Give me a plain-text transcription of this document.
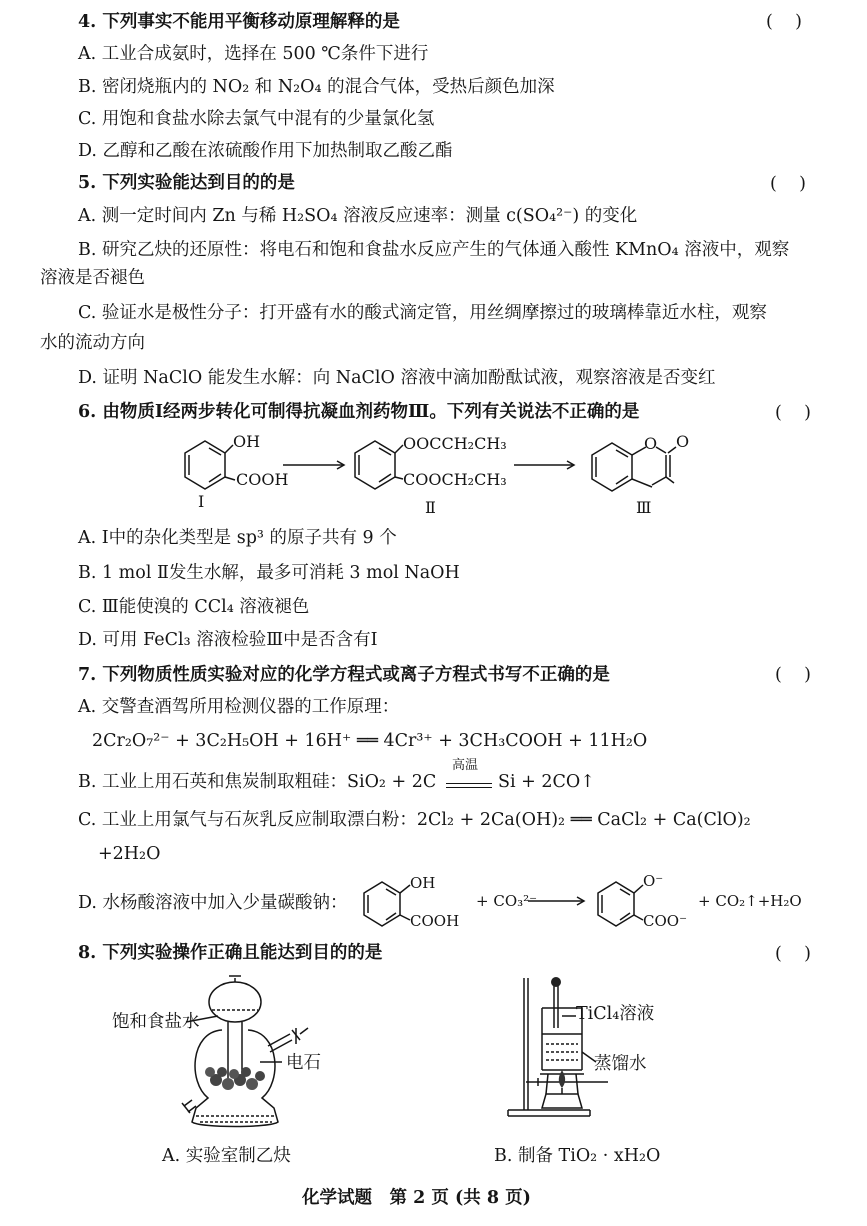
4. 下列事实不能用平衡移动原理解释的是	(    )
A. 工业合成氨时，选择在 500 ℃条件下进行
B. 密闭烧瓶内的 NO₂ 和 N₂O₄ 的混合气体，受热后颜色加深
C. 用饱和食盐水除去氯气中混有的少量氯化氢
D. 乙醇和乙酸在浓硫酸作用下加热制取乙酸乙酯
5. 下列实验能达到目的的是	(    )
A. 测一定时间内 Zn 与稀 H₂SO₄ 溶液反应速率：测量 c(SO₄²⁻) 的变化
B. 研究乙炔的还原性：将电石和饱和食盐水反应产生的气体通入酸性 KMnO₄ 溶液中，观察
溶液是否褪色
C. 验证水是极性分子：打开盛有水的酸式滴定管，用丝绸摩擦过的玻璃棒靠近水柱，观察
水的流动方向
D. 证明 NaClO 能发生水解：向 NaClO 溶液中滴加酚酞试液，观察溶液是否变红
6. 由物质Ⅰ经两步转化可制得抗凝血剂药物Ⅲ。下列有关说法不正确的是	(    )
OH
COOH
Ⅰ
OOCCH₂CH₃
COOCH₂CH₃
Ⅱ
O O
Ⅲ
A. Ⅰ中的杂化类型是 sp³ 的原子共有 9 个
B. 1 mol Ⅱ发生水解，最多可消耗 3 mol NaOH
C. Ⅲ能使溴的 CCl₄ 溶液褪色
D. 可用 FeCl₃ 溶液检验Ⅲ中是否含有Ⅰ
7. 下列物质性质实验对应的化学方程式或离子方程式书写不正确的是	(    )
A. 交警查酒驾所用检测仪器的工作原理：
2Cr₂O₇²⁻ + 3C₂H₅OH + 16H⁺ ══ 4Cr³⁺ + 3CH₃COOH + 11H₂O
B. 工业上用石英和焦炭制取粗硅：SiO₂ + 2C
高温
Si + 2CO↑
C. 工业上用氯气与石灰乳反应制取漂白粉：2Cl₂ + 2Ca(OH)₂ ══ CaCl₂ + Ca(ClO)₂
+2H₂O
D. 水杨酸溶液中加入少量碳酸钠：
OH
COOH
+ CO₃²⁻
O⁻
COO⁻
+ CO₂↑+H₂O
8. 下列实验操作正确且能达到目的的是	(    )
饱和食盐水
电石
A. 实验室制乙炔
TiCl₄溶液
蒸馏水
B. 制备 TiO₂ · xH₂O
化学试题　第 2 页 (共 8 页)
